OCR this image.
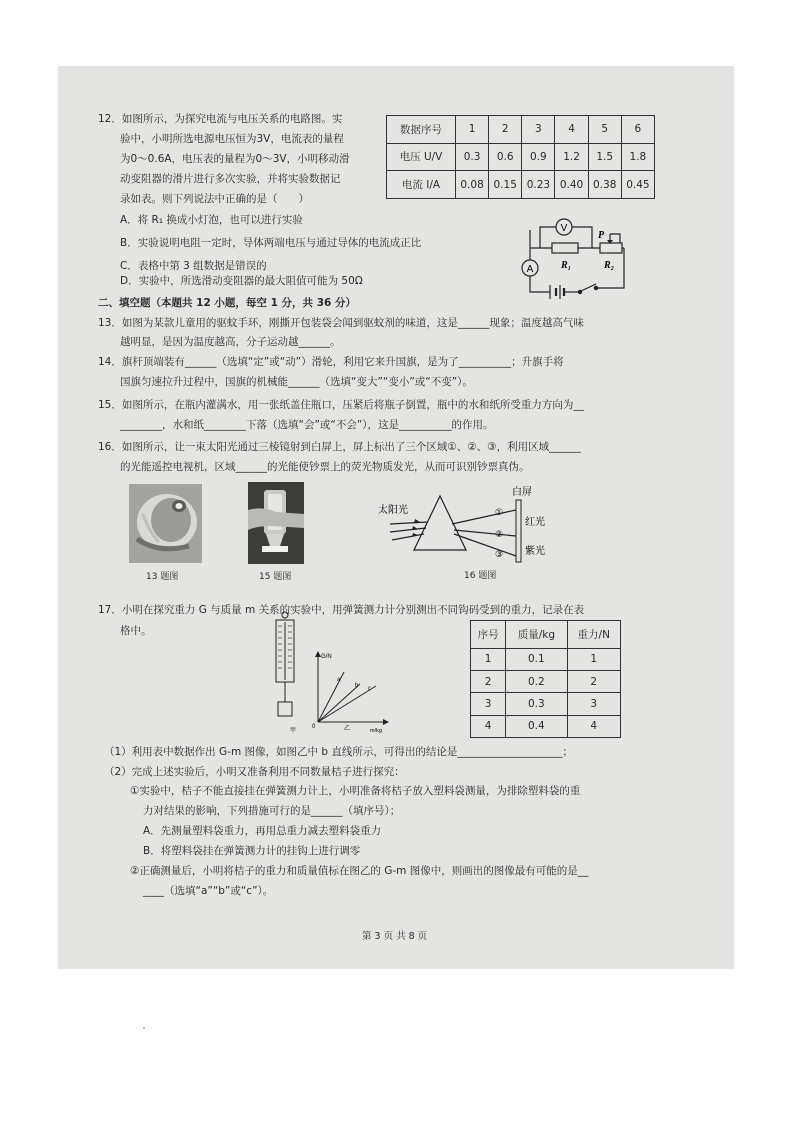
12．如图所示，为探究电流与电压关系的电路图。实
验中，小明所选电源电压恒为3V，电流表的量程
为0～0.6A，电压表的量程为0～3V，小明移动滑
动变阻器的滑片进行多次实验，并将实验数据记
录如表。则下列说法中正确的是（　　）
A．将 R₁ 换成小灯泡，也可以进行实验
B．实验说明电阻一定时，导体两端电压与通过导体的电流成正比
C．表格中第 3 组数据是错误的
D．实验中，所选滑动变阻器的最大阻值可能为 50Ω
数据序号	1	2	3	4	5	6
电压 U/V	0.3	0.6	0.9	1.2	1.5	1.8
电流 I/A	0.08	0.15	0.23	0.40	0.38	0.45
V
A
P
R₁	R₂
二、填空题（本题共 12 小题，每空 1 分，共 36 分）
13．如图为某款儿童用的驱蚊手环，刚撕开包装袋会闻到驱蚊剂的味道，这是______现象；温度越高气味
越明显，是因为温度越高，分子运动越______。
14．旗杆顶端装有______（选填“定”或“动”）滑轮，利用它来升国旗，是为了__________；升旗手将
国旗匀速拉升过程中，国旗的机械能______（选填“变大”“变小”或“不变”）。
15．如图所示，在瓶内灌满水，用一张纸盖住瓶口，压紧后将瓶子倒置，瓶中的水和纸所受重力方向为__
________，水和纸________下落（选填“会”或“不会”），这是__________的作用。
16．如图所示，让一束太阳光通过三棱镜射到白屏上，屏上标出了三个区域①、②、③，利用区域______
的光能遥控电视机，区域______的光能使钞票上的荧光物质发光，从而可识别钞票真伪。
13 题图	15 题图
太阳光
白屏
红光
紫光
①
②
③
16 题图
17．小明在探究重力 G 与质量 m 关系的实验中，用弹簧测力计分别测出不同钩码受到的重力，记录在表
格中。
甲
G/N
m/kg
0
a
b c
乙
序号	质量/kg	重力/N
1	0.1	1
2	0.2	2
3	0.3	3
4	0.4	4
（1）利用表中数据作出 G-m 图像，如图乙中 b 直线所示，可得出的结论是____________________；
（2）完成上述实验后，小明又准备利用不同数量桔子进行探究：
①实验中，桔子不能直接挂在弹簧测力计上，小明准备将桔子放入塑料袋测量，为排除塑料袋的重
力对结果的影响，下列措施可行的是______（填序号）；
A．先测量塑料袋重力，再用总重力减去塑料袋重力
B．将塑料袋挂在弹簧测力计的挂钩上进行调零
②正确测量后，小明将桔子的重力和质量值标在图乙的 G-m 图像中，则画出的图像最有可能的是__
____（选填“a”“b”或“c”）。
第 3 页 共 8 页
